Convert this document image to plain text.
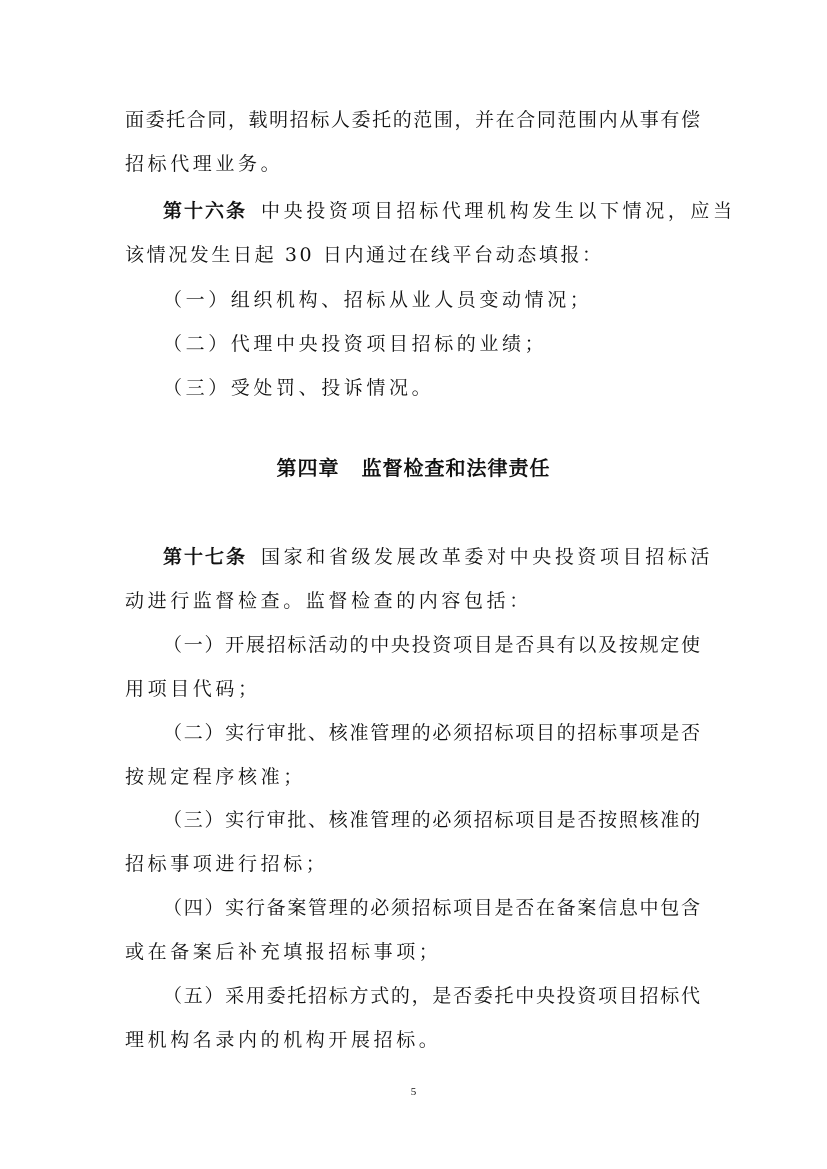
面委托合同，载明招标人委托的范围，并在合同范围内从事有偿
招标代理业务。
第十六条 中央投资项目招标代理机构发生以下情况，应当
该情况发生日起 30 日内通过在线平台动态填报：
（一）组织机构、招标从业人员变动情况；
（二）代理中央投资项目招标的业绩；
（三）受处罚、投诉情况。
第四章 监督检查和法律责任
第十七条 国家和省级发展改革委对中央投资项目招标活
动进行监督检查。监督检查的内容包括：
（一）开展招标活动的中央投资项目是否具有以及按规定使
用项目代码；
（二）实行审批、核准管理的必须招标项目的招标事项是否
按规定程序核准；
（三）实行审批、核准管理的必须招标项目是否按照核准的
招标事项进行招标；
（四）实行备案管理的必须招标项目是否在备案信息中包含
或在备案后补充填报招标事项；
（五）采用委托招标方式的，是否委托中央投资项目招标代
理机构名录内的机构开展招标。
5
